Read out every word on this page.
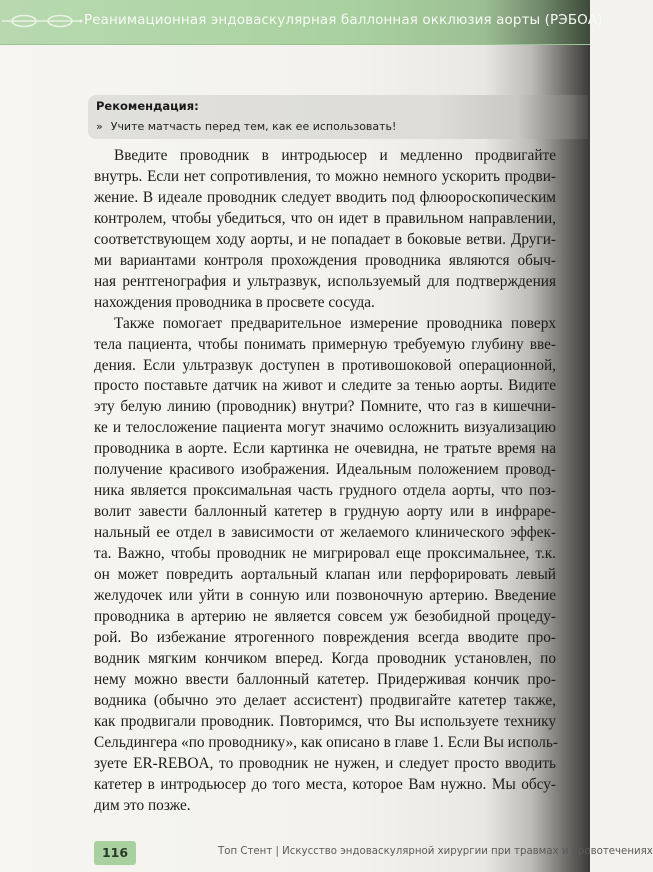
Реанимационная эндоваскулярная баллонная окклюзия аорты (РЭБОА)
Рекомендация:
» Учите матчасть перед тем, как ее использовать!
Введите проводник в интродьюсер и медленно продвигайте
внутрь. Если нет сопротивления, то можно немного ускорить продви-
жение. В идеале проводник следует вводить под флюороскопическим
контролем, чтобы убедиться, что он идет в правильном направлении,
соответствующем ходу аорты, и не попадает в боковые ветви. Други-
ми вариантами контроля прохождения проводника являются обыч-
ная рентгенография и ультразвук, используемый для подтверждения
нахождения проводника в просвете сосуда.
Также помогает предварительное измерение проводника поверх
тела пациента, чтобы понимать примерную требуемую глубину вве-
дения. Если ультразвук доступен в противошоковой операционной,
просто поставьте датчик на живот и следите за тенью аорты. Видите
эту белую линию (проводник) внутри? Помните, что газ в кишечни-
ке и телосложение пациента могут значимо осложнить визуализацию
проводника в аорте. Если картинка не очевидна, не тратьте время на
получение красивого изображения. Идеальным положением провод-
ника является проксимальная часть грудного отдела аорты, что поз-
волит завести баллонный катетер в грудную аорту или в инфраре-
нальный ее отдел в зависимости от желаемого клинического эффек-
та. Важно, чтобы проводник не мигрировал еще проксимальнее, т.к.
он может повредить аортальный клапан или перфорировать левый
желудочек или уйти в сонную или позвоночную артерию. Введение
проводника в артерию не является совсем уж безобидной процеду-
рой. Во избежание ятрогенного повреждения всегда вводите про-
водник мягким кончиком вперед. Когда проводник установлен, по
нему можно ввести баллонный катетер. Придерживая кончик про-
водника (обычно это делает ассистент) продвигайте катетер также,
как продвигали проводник. Повторимся, что Вы используете технику
Сельдингера «по проводнику», как описано в главе 1. Если Вы исполь-
зуете ER-REBOA, то проводник не нужен, и следует просто вводить
катетер в интродьюсер до того места, которое Вам нужно. Мы обсу-
дим это позже.
116	Топ Стент | Искусство эндоваскулярной хирургии при травмах и кровотечениях
